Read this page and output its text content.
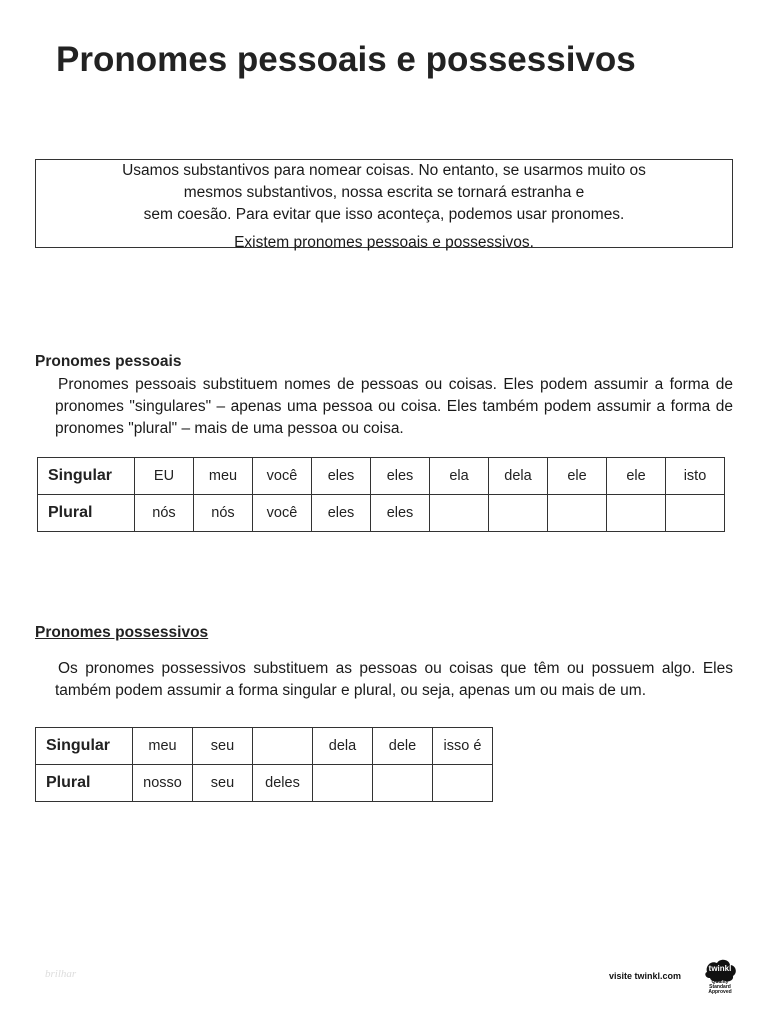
Pronomes pessoais e possessivos
Usamos substantivos para nomear coisas. No entanto, se usarmos muito os
mesmos substantivos, nossa escrita se tornará estranha e
sem coesão. Para evitar que isso aconteça, podemos usar pronomes.
Existem pronomes pessoais e possessivos.
Pronomes pessoais

Pronomes pessoais substituem nomes de pessoas ou coisas. Eles podem assumir a forma de pronomes "singulares" – apenas uma pessoa ou coisa. Eles também podem assumir a forma de pronomes "plural" – mais de uma pessoa ou coisa.

Singular	EU	meu	você	eles	eles	ela	dela	ele	ele	isto
Plural	nós	nós	você	eles	eles					
Pronomes possessivos

Os pronomes possessivos substituem as pessoas ou coisas que têm ou possuem algo. Eles também podem assumir a forma singular e plural, ou seja, apenas um ou mais de um.

Singular	meu	seu		dela	dele	isso é
Plural	nosso	seu	deles			
brilhar	visite twinkl.com
twinkl
Quality Standard Approved
